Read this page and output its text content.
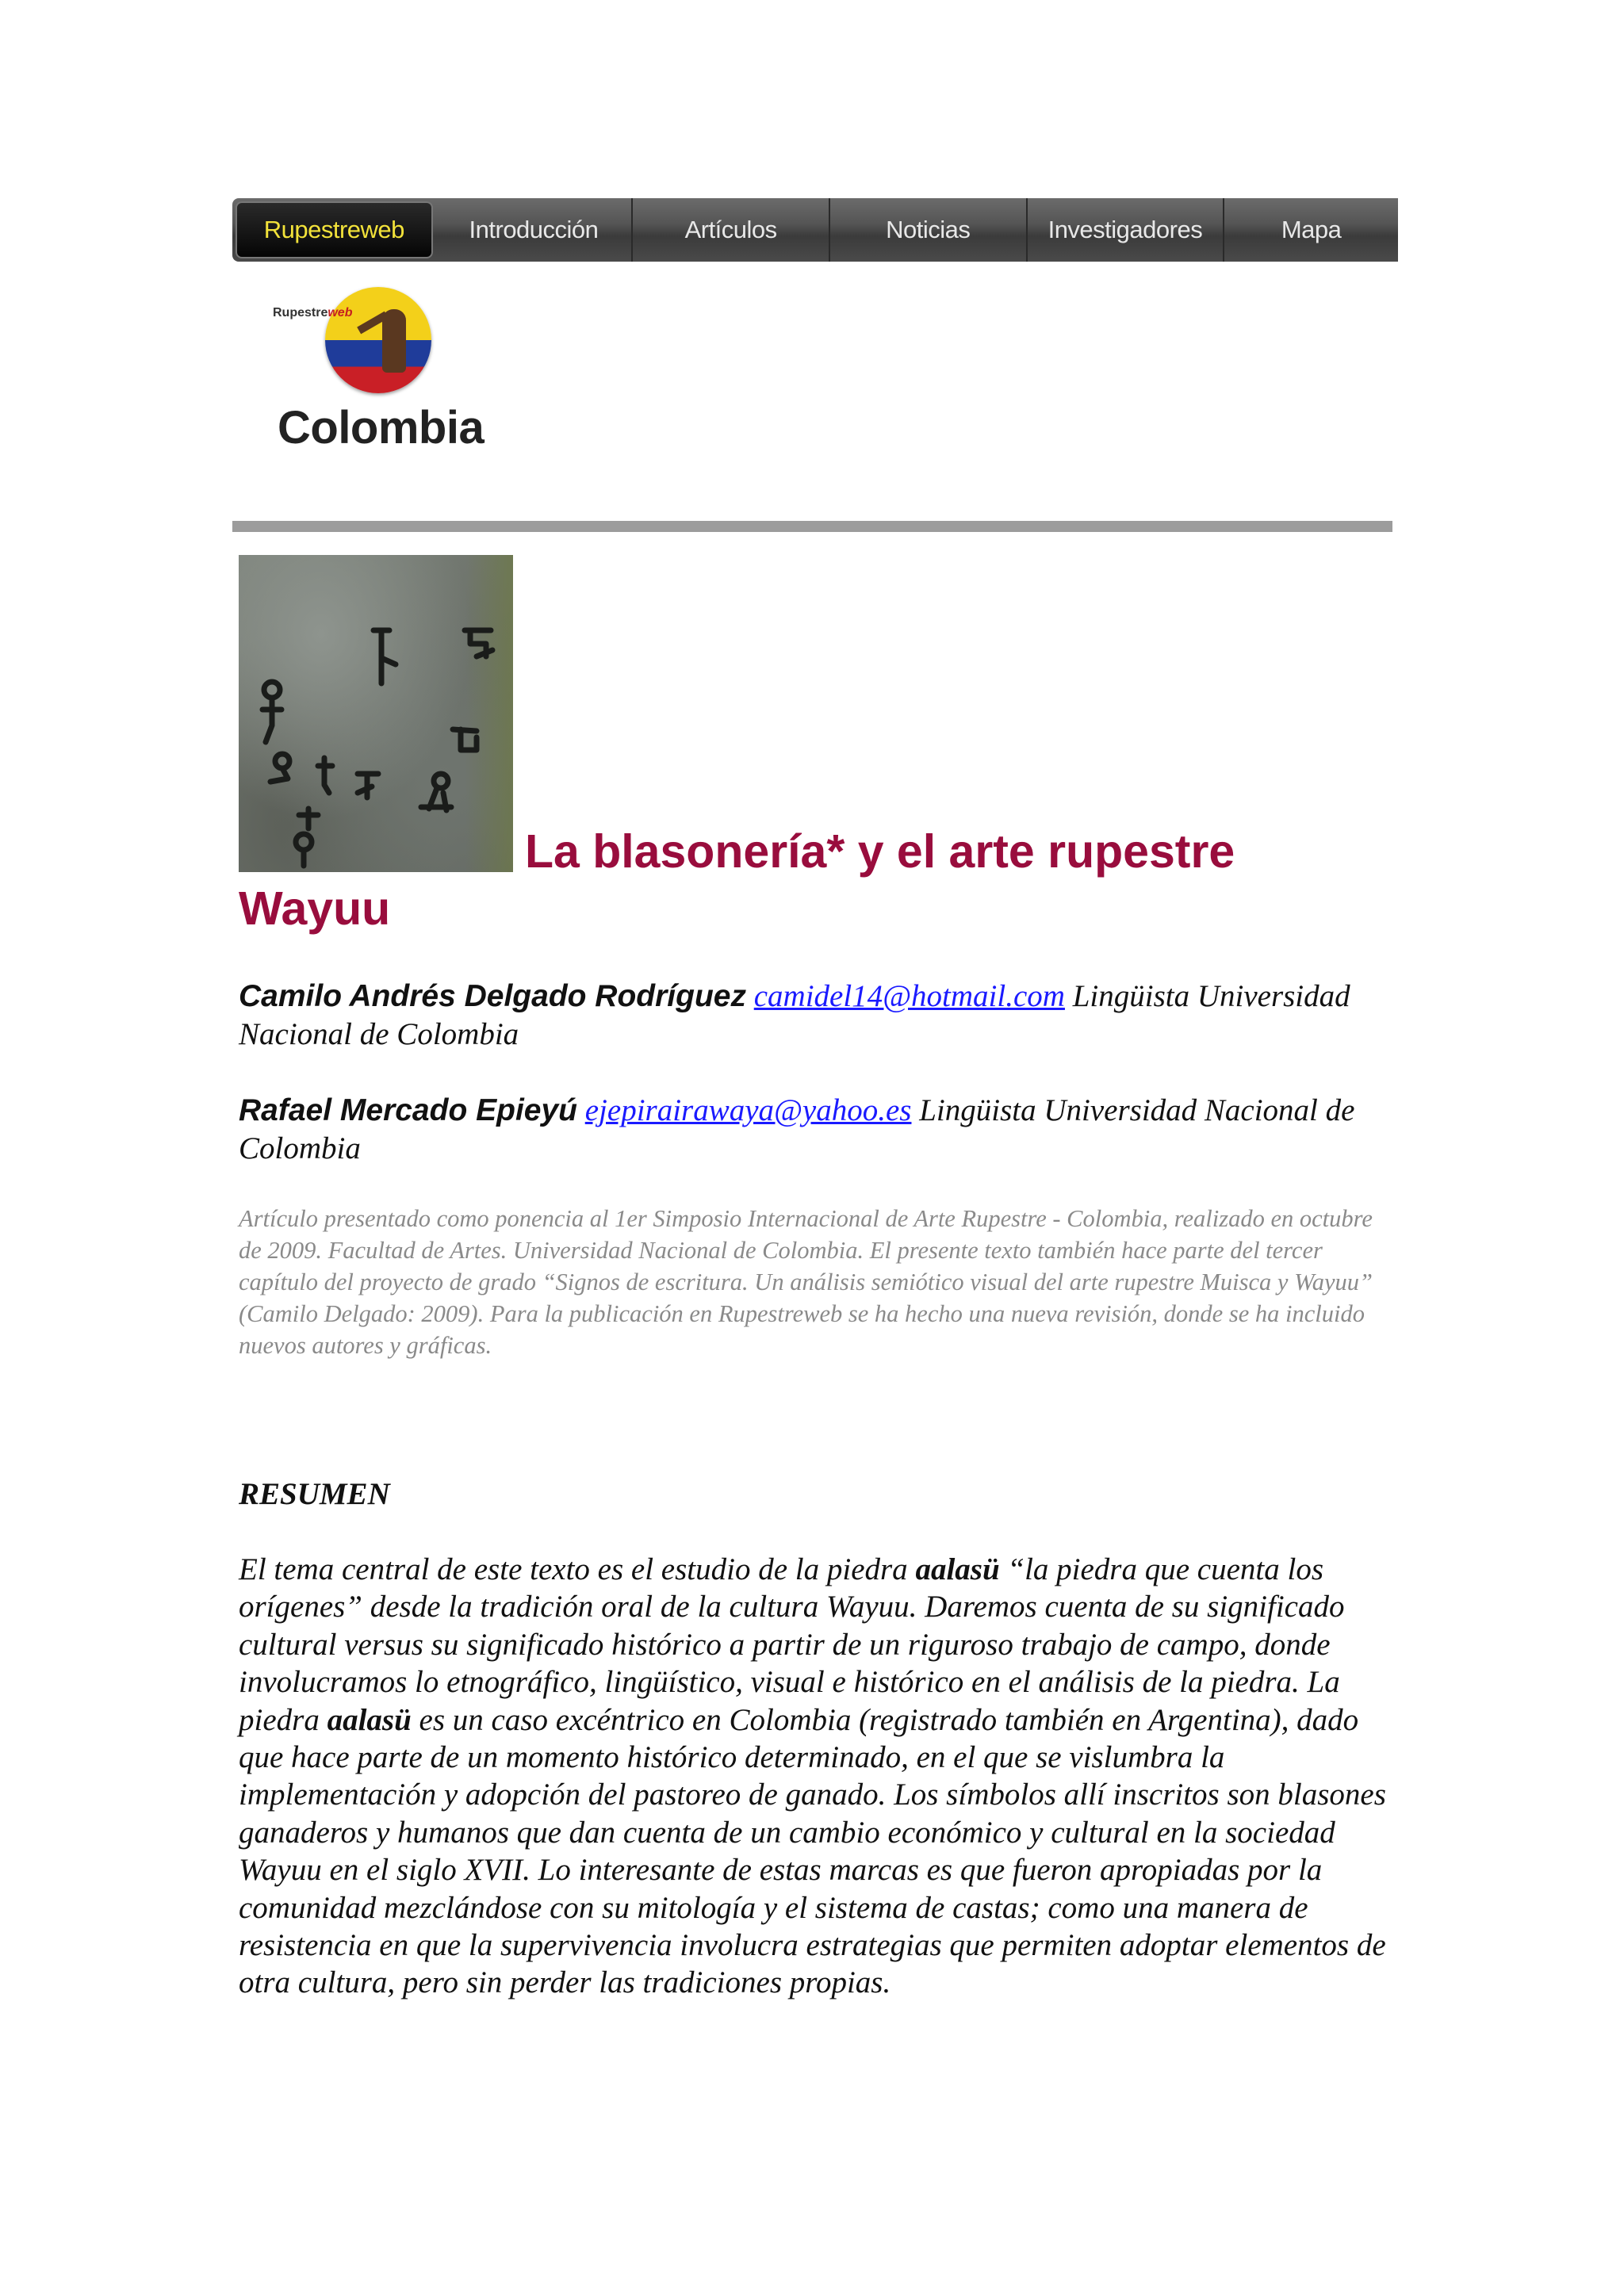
Rupestreweb	Introducción	Artículos	Noticias	Investigadores	Mapa
Rupestreweb
Colombia
La blasonería* y el arte rupestre
Wayuu

Camilo Andrés Delgado Rodríguez camidel14@hotmail.com Lingüista Universidad Nacional de Colombia

Rafael Mercado Epieyú ejepirairawaya@yahoo.es Lingüista Universidad Nacional de Colombia

Artículo presentado como ponencia al 1er Simposio Internacional de Arte Rupestre - Colombia, realizado en octubre de 2009. Facultad de Artes. Universidad Nacional de Colombia. El presente texto también hace parte del tercer capítulo del proyecto de grado “Signos de escritura. Un análisis semiótico visual del arte rupestre Muisca y Wayuu” (Camilo Delgado: 2009). Para la publicación en Rupestreweb se ha hecho una nueva revisión, donde se ha incluido nuevos autores y gráficas.

RESUMEN

El tema central de este texto es el estudio de la piedra aalasü “la piedra que cuenta los orígenes” desde la tradición oral de la cultura Wayuu. Daremos cuenta de su significado cultural versus su significado histórico a partir de un riguroso trabajo de campo, donde involucramos lo etnográfico, lingüístico, visual e histórico en el análisis de la piedra. La piedra aalasü es un caso excéntrico en Colombia (registrado también en Argentina), dado que hace parte de un momento histórico determinado, en el que se vislumbra la implementación y adopción del pastoreo de ganado. Los símbolos allí inscritos son blasones ganaderos y humanos que dan cuenta de un cambio económico y cultural en la sociedad Wayuu en el siglo XVII. Lo interesante de estas marcas es que fueron apropiadas por la comunidad mezclándose con su mitología y el sistema de castas; como una manera de resistencia en que la supervivencia involucra estrategias que permiten adoptar elementos de otra cultura, pero sin perder las tradiciones propias.
